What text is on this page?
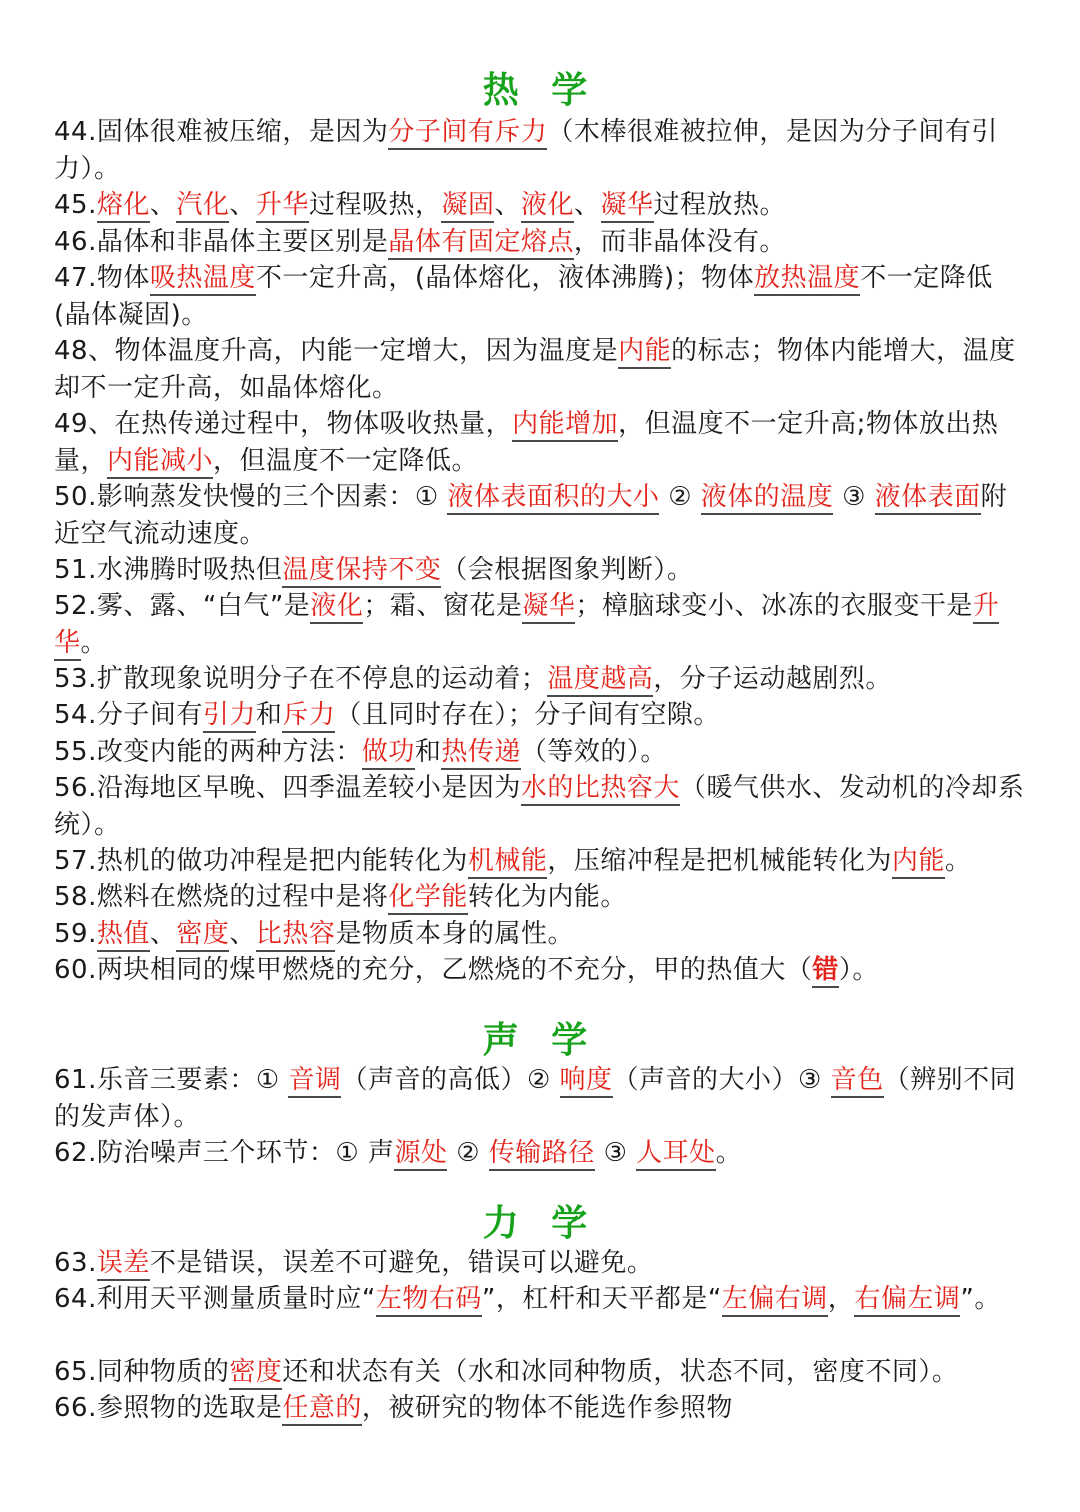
热 学
44.固体很难被压缩，是因为分子间有斥力（木棒很难被拉伸，是因为分子间有引力）。
45.熔化、汽化、升华过程吸热，凝固、液化、凝华过程放热。
46.晶体和非晶体主要区别是晶体有固定熔点，而非晶体没有。
47.物体吸热温度不一定升高，(晶体熔化，液体沸腾)；物体放热温度不一定降低(晶体凝固)。
48、物体温度升高，内能一定增大，因为温度是内能的标志；物体内能增大，温度却不一定升高，如晶体熔化。
49、在热传递过程中，物体吸收热量，内能增加，但温度不一定升高;物体放出热量，内能减小，但温度不一定降低。
50.影响蒸发快慢的三个因素：① 液体表面积的大小 ② 液体的温度 ③ 液体表面附近空气流动速度。
51.水沸腾时吸热但温度保持不变（会根据图象判断）。
52.雾、露、“白气”是液化；霜、窗花是凝华；樟脑球变小、冰冻的衣服变干是升华。
53.扩散现象说明分子在不停息的运动着；温度越高，分子运动越剧烈。
54.分子间有引力和斥力（且同时存在）；分子间有空隙。
55.改变内能的两种方法：做功和热传递（等效的）。
56.沿海地区早晚、四季温差较小是因为水的比热容大（暖气供水、发动机的冷却系统）。
57.热机的做功冲程是把内能转化为机械能，压缩冲程是把机械能转化为内能。
58.燃料在燃烧的过程中是将化学能转化为内能。
59.热值、密度、比热容是物质本身的属性。
60.两块相同的煤甲燃烧的充分，乙燃烧的不充分，甲的热值大（错）。
声 学
61.乐音三要素：① 音调（声音的高低）② 响度（声音的大小）③ 音色（辨别不同的发声体）。
62.防治噪声三个环节：① 声源处 ② 传输路径 ③ 人耳处。
力 学
63.误差不是错误，误差不可避免，错误可以避免。
64.利用天平测量质量时应“左物右码”，杠杆和天平都是“左偏右调，右偏左调”。
65.同种物质的密度还和状态有关（水和冰同种物质，状态不同，密度不同）。
66.参照物的选取是任意的，被研究的物体不能选作参照物
